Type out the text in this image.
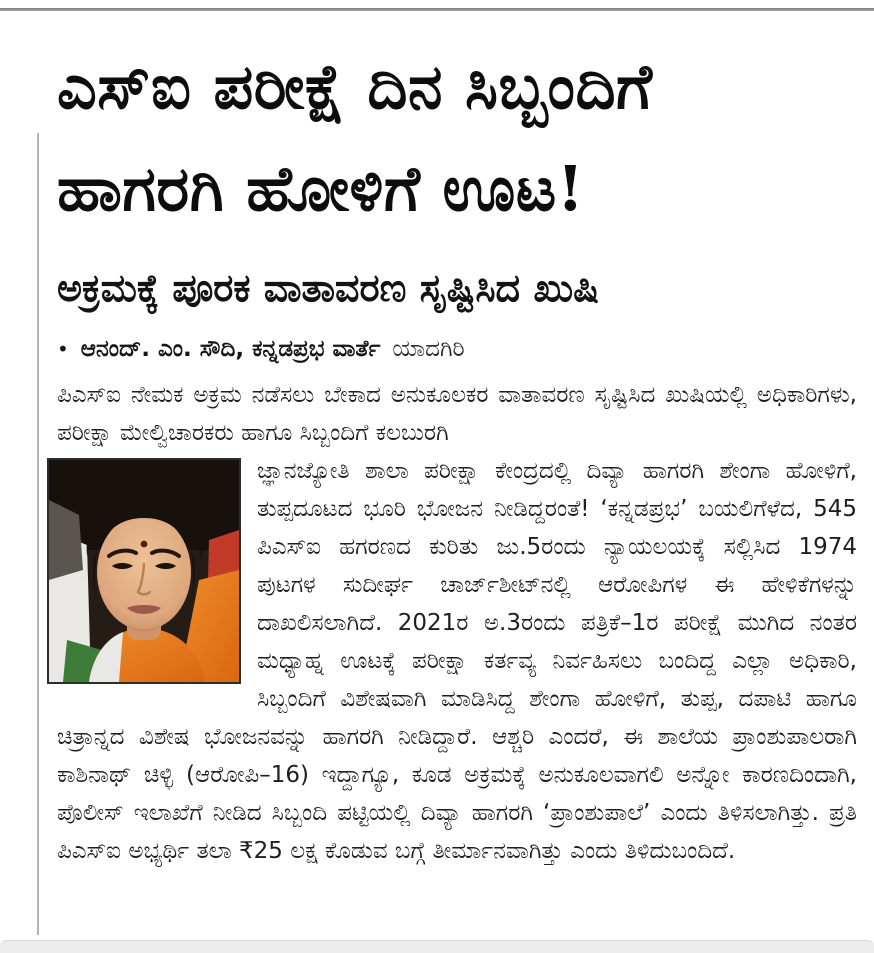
ಎಸ್‌ಐ ಪರೀಕ್ಷೆ ದಿನ ಸಿಬ್ಬಂದಿಗೆ
ಹಾಗರಗಿ ಹೋಳಿಗೆ ಊಟ!
ಅಕ್ರಮಕ್ಕೆ ಪೂರಕ ವಾತಾವರಣ ಸೃಷ್ಟಿಸಿದ ಖುಷಿ
• ಆನಂದ್. ಎಂ. ಸೌದಿ, ಕನ್ನಡಪ್ರಭ ವಾರ್ತೆ ಯಾದಗಿರಿ

ಪಿಎಸ್ಐ ನೇಮಕ ಅಕ್ರಮ ನಡೆಸಲು ಬೇಕಾದ ಅನುಕೂಲಕರ ವಾತಾವರಣ ಸೃಷ್ಟಿಸಿದ ಖುಷಿಯಲ್ಲಿ ಅಧಿಕಾರಿಗಳು, ಪರೀಕ್ಷಾ ಮೇಲ್ವಿಚಾರಕರು ಹಾಗೂ ಸಿಬ್ಬಂದಿಗೆ ಕಲಬುರಗಿ

ಜ್ಞಾನಜ್ಯೋತಿ ಶಾಲಾ ಪರೀಕ್ಷಾ ಕೇಂದ್ರದಲ್ಲಿ ದಿವ್ಯಾ ಹಾಗರಗಿ ಶೇಂಗಾ ಹೋಳಿಗೆ, ತುಪ್ಪದೂಟದ ಭೂರಿ ಭೋಜನ ನೀಡಿದ್ದರಂತೆ! ‘ಕನ್ನಡಪ್ರಭ’ ಬಯಲಿಗೆಳೆದ, 545 ಪಿಎಸ್ಐ ಹಗರಣದ ಕುರಿತು ಜು.5ರಂದು ನ್ಯಾಯಲಯಕ್ಕೆ ಸಲ್ಲಿಸಿದ 1974 ಪುಟಗಳ ಸುದೀರ್ಘ ಚಾರ್ಜ್‌ಶೀಟ್‌ನಲ್ಲಿ ಆರೋಪಿಗಳ ಈ ಹೇಳಿಕೆಗಳನ್ನು ದಾಖಲಿಸಲಾಗಿದೆ. 2021ರ ಅ.3ರಂದು ಪತ್ರಿಕೆ–1ರ ಪರೀಕ್ಷೆ ಮುಗಿದ ನಂತರ ಮಧ್ಯಾಹ್ನ ಊಟಕ್ಕೆ ಪರೀಕ್ಷಾ ಕರ್ತವ್ಯ ನಿರ್ವಹಿಸಲು ಬಂದಿದ್ದ ಎಲ್ಲಾ ಅಧಿಕಾರಿ, ಸಿಬ್ಬಂದಿಗೆ ವಿಶೇಷವಾಗಿ ಮಾಡಿಸಿದ್ದ ಶೇಂಗಾ ಹೋಳಿಗೆ, ತುಪ್ಪ, ದಪಾಟಿ ಹಾಗೂ ಚಿತ್ರಾನ್ನದ ವಿಶೇಷ ಭೋಜನವನ್ನು ಹಾಗರಗಿ ನೀಡಿದ್ದಾರೆ. ಆಶ್ಚರಿ ಎಂದರೆ, ಈ ಶಾಲೆಯ ಪ್ರಾಂಶುಪಾಲರಾಗಿ ಕಾಶಿನಾಥ್ ಚಿಳ್ಳಿ (ಆರೋಪಿ–16) ಇದ್ದಾಗ್ಯೂ, ಕೂಡ ಅಕ್ರಮಕ್ಕೆ ಅನುಕೂಲವಾಗಲಿ ಅನ್ನೋ ಕಾರಣದಿಂದಾಗಿ, ಪೊಲೀಸ್ ಇಲಾಖೆಗೆ ನೀಡಿದ ಸಿಬ್ಬಂದಿ ಪಟ್ಟಿಯಲ್ಲಿ ದಿವ್ಯಾ ಹಾಗರಗಿ ‘ಪ್ರಾಂಶುಪಾಲೆ’ ಎಂದು ತಿಳಿಸಲಾಗಿತ್ತು. ಪ್ರತಿ ಪಿಎಸ್ಐ ಅಭ್ಯರ್ಥಿ ತಲಾ ₹25 ಲಕ್ಷ ಕೊಡುವ ಬಗ್ಗೆ ತೀರ್ಮಾನವಾಗಿತ್ತು ಎಂದು ತಿಳಿದುಬಂದಿದೆ.
